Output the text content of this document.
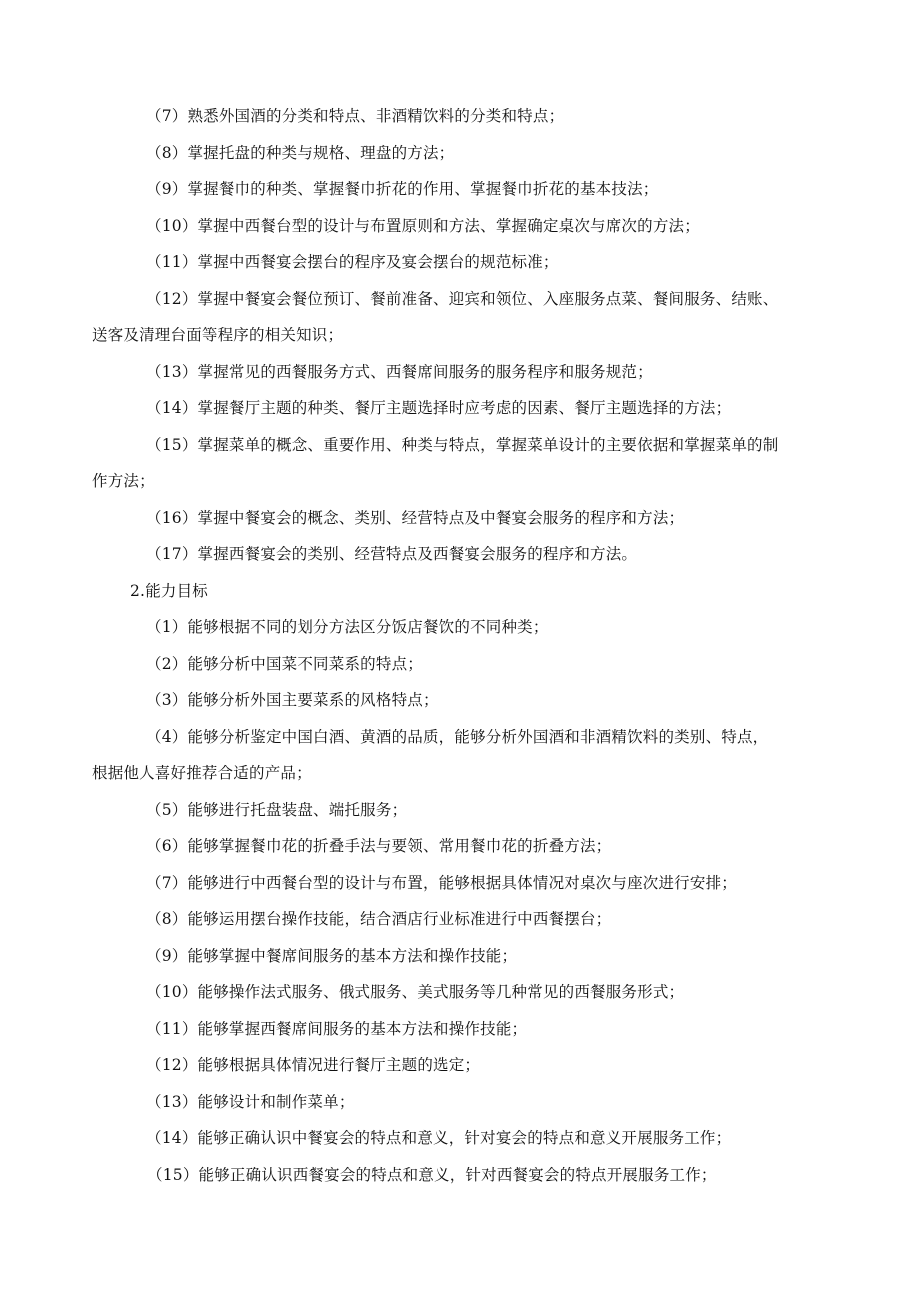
（7）熟悉外国酒的分类和特点、非酒精饮料的分类和特点；
（8）掌握托盘的种类与规格、理盘的方法；
（9）掌握餐巾的种类、掌握餐巾折花的作用、掌握餐巾折花的基本技法；
（10）掌握中西餐台型的设计与布置原则和方法、掌握确定桌次与席次的方法；
（11）掌握中西餐宴会摆台的程序及宴会摆台的规范标准；
（12）掌握中餐宴会餐位预订、餐前准备、迎宾和领位、入座服务点菜、餐间服务、结账、
送客及清理台面等程序的相关知识；
（13）掌握常见的西餐服务方式、西餐席间服务的服务程序和服务规范；
（14）掌握餐厅主题的种类、餐厅主题选择时应考虑的因素、餐厅主题选择的方法；
（15）掌握菜单的概念、重要作用、种类与特点，掌握菜单设计的主要依据和掌握菜单的制
作方法；
（16）掌握中餐宴会的概念、类别、经营特点及中餐宴会服务的程序和方法；
（17）掌握西餐宴会的类别、经营特点及西餐宴会服务的程序和方法。
2.能力目标
（1）能够根据不同的划分方法区分饭店餐饮的不同种类；
（2）能够分析中国菜不同菜系的特点；
（3）能够分析外国主要菜系的风格特点；
（4）能够分析鉴定中国白酒、黄酒的品质，能够分析外国酒和非酒精饮料的类别、特点，
根据他人喜好推荐合适的产品；
（5）能够进行托盘装盘、端托服务；
（6）能够掌握餐巾花的折叠手法与要领、常用餐巾花的折叠方法；
（7）能够进行中西餐台型的设计与布置，能够根据具体情况对桌次与座次进行安排；
（8）能够运用摆台操作技能，结合酒店行业标准进行中西餐摆台；
（9）能够掌握中餐席间服务的基本方法和操作技能；
（10）能够操作法式服务、俄式服务、美式服务等几种常见的西餐服务形式；
（11）能够掌握西餐席间服务的基本方法和操作技能；
（12）能够根据具体情况进行餐厅主题的选定；
（13）能够设计和制作菜单；
（14）能够正确认识中餐宴会的特点和意义，针对宴会的特点和意义开展服务工作；
（15）能够正确认识西餐宴会的特点和意义，针对西餐宴会的特点开展服务工作；
